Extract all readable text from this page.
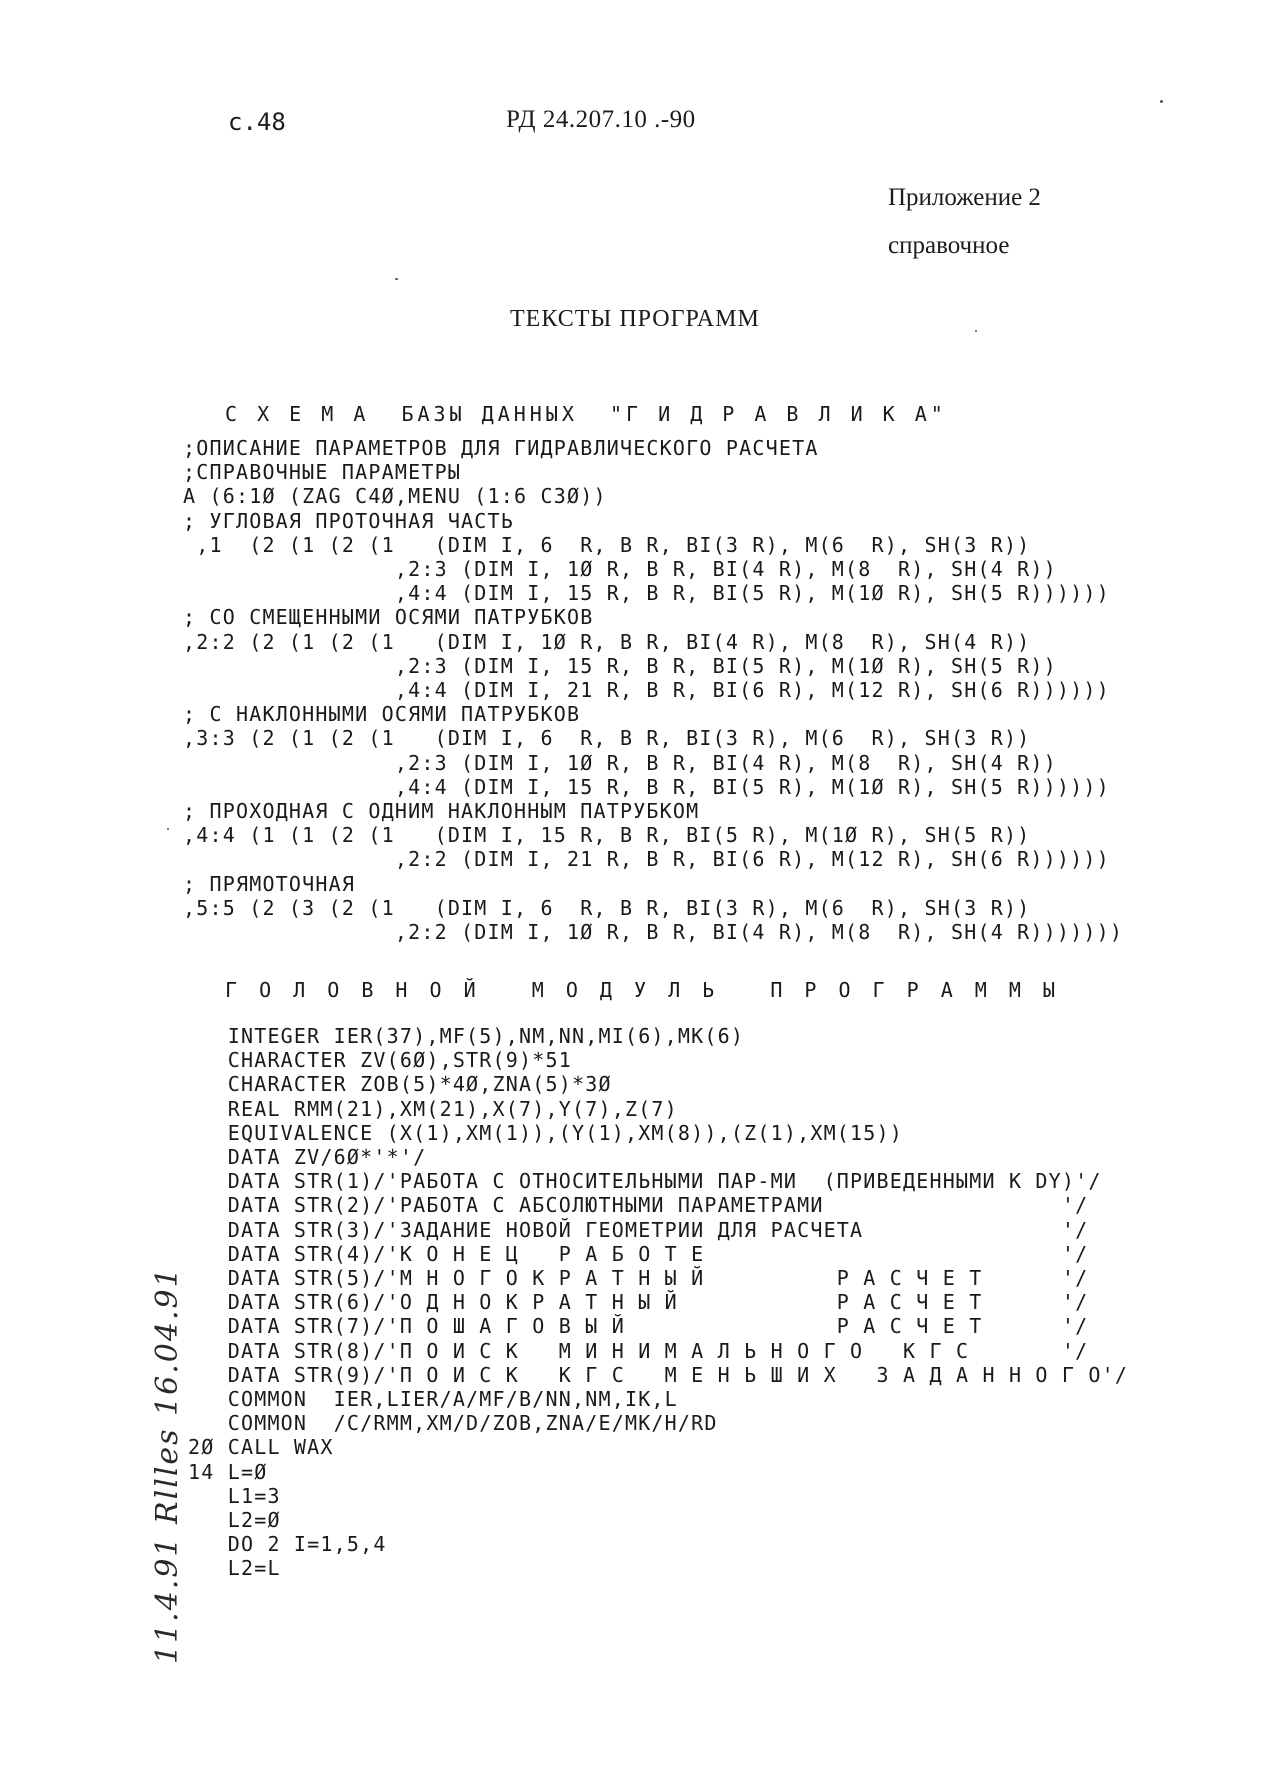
с.48	РД 24.207.10 .-90
Приложение 2
справочное
ТЕКСТЫ ПРОГРАММ
С Х Е М А  БАЗЫ ДАННЫХ  "Г И Д Р А В Л И К А"
;ОПИСАНИЕ ПАРАМЕТРОВ ДЛЯ ГИДРАВЛИЧЕСКОГО РАСЧЕТА
;СПРАВОЧНЫЕ ПАРАМЕТРЫ
A (6:1Ø (ZAG C4Ø,MENU (1:6 C3Ø))
; УГЛОВАЯ ПРОТОЧНАЯ ЧАСТЬ
,1  (2 (1 (2 (1   (DIM I, 6  R, B R, BI(3 R), M(6  R), SH(3 R))
,2:3 (DIM I, 1Ø R, B R, BI(4 R), M(8  R), SH(4 R))
,4:4 (DIM I, 15 R, B R, BI(5 R), M(1Ø R), SH(5 R))))))
; СО СМЕЩЕННЫМИ ОСЯМИ ПАТРУБКОВ
,2:2 (2 (1 (2 (1   (DIM I, 1Ø R, B R, BI(4 R), M(8  R), SH(4 R))
,2:3 (DIM I, 15 R, B R, BI(5 R), M(1Ø R), SH(5 R))
,4:4 (DIM I, 21 R, B R, BI(6 R), M(12 R), SH(6 R))))))
; С НАКЛОННЫМИ ОСЯМИ ПАТРУБКОВ
,3:3 (2 (1 (2 (1   (DIM I, 6  R, B R, BI(3 R), M(6  R), SH(3 R))
,2:3 (DIM I, 1Ø R, B R, BI(4 R), M(8  R), SH(4 R))
,4:4 (DIM I, 15 R, B R, BI(5 R), M(1Ø R), SH(5 R))))))
; ПРОХОДНАЯ С ОДНИМ НАКЛОННЫМ ПАТРУБКОМ
,4:4 (1 (1 (2 (1   (DIM I, 15 R, B R, BI(5 R), M(1Ø R), SH(5 R))
,2:2 (DIM I, 21 R, B R, BI(6 R), M(12 R), SH(6 R))))))
; ПРЯМОТОЧНАЯ
,5:5 (2 (3 (2 (1   (DIM I, 6  R, B R, BI(3 R), M(6  R), SH(3 R))
,2:2 (DIM I, 1Ø R, B R, BI(4 R), M(8  R), SH(4 R)))))))
Г О Л О В Н О Й   М О Д У Л Ь   П Р О Г Р А М М Ы
INTEGER IER(37),MF(5),NM,NN,MI(6),MK(6)
CHARACTER ZV(6Ø),STR(9)*51
CHARACTER ZOB(5)*4Ø,ZNA(5)*3Ø
REAL RMM(21),XM(21),X(7),Y(7),Z(7)
EQUIVALENCE (X(1),XM(1)),(Y(1),XM(8)),(Z(1),XM(15))
DATA ZV/6Ø*'*'/
DATA STR(1)/'РАБОТА С ОТНОСИТЕЛЬНЫМИ ПАР-МИ  (ПРИВЕДЕННЫМИ К DY)'/
DATA STR(2)/'РАБОТА С АБСОЛЮТНЫМИ ПАРАМЕТРАМИ                  '/
DATA STR(3)/'ЗАДАНИЕ НОВОЙ ГЕОМЕТРИИ ДЛЯ РАСЧЕТА               '/
DATA STR(4)/'К О Н Е Ц   Р А Б О Т Е                           '/
DATA STR(5)/'М Н О Г О К Р А Т Н Ы Й          Р А С Ч Е Т      '/
DATA STR(6)/'О Д Н О К Р А Т Н Ы Й            Р А С Ч Е Т      '/
DATA STR(7)/'П О Ш А Г О В Ы Й                Р А С Ч Е Т      '/
DATA STR(8)/'П О И С К   М И Н И М А Л Ь Н О Г О   К Г С       '/
DATA STR(9)/'П О И С К   К Г С   М Е Н Ь Ш И Х   З А Д А Н Н О Г О'/
COMMON  IER,LIER/A/MF/B/NN,NM,IK,L
COMMON  /C/RMM,XM/D/ZOB,ZNA/E/MK/H/RD
2Ø CALL WAX
14 L=Ø
L1=3
L2=Ø
DO 2 I=1,5,4
L2=L
11.4.91 Rllles 16.04.91
